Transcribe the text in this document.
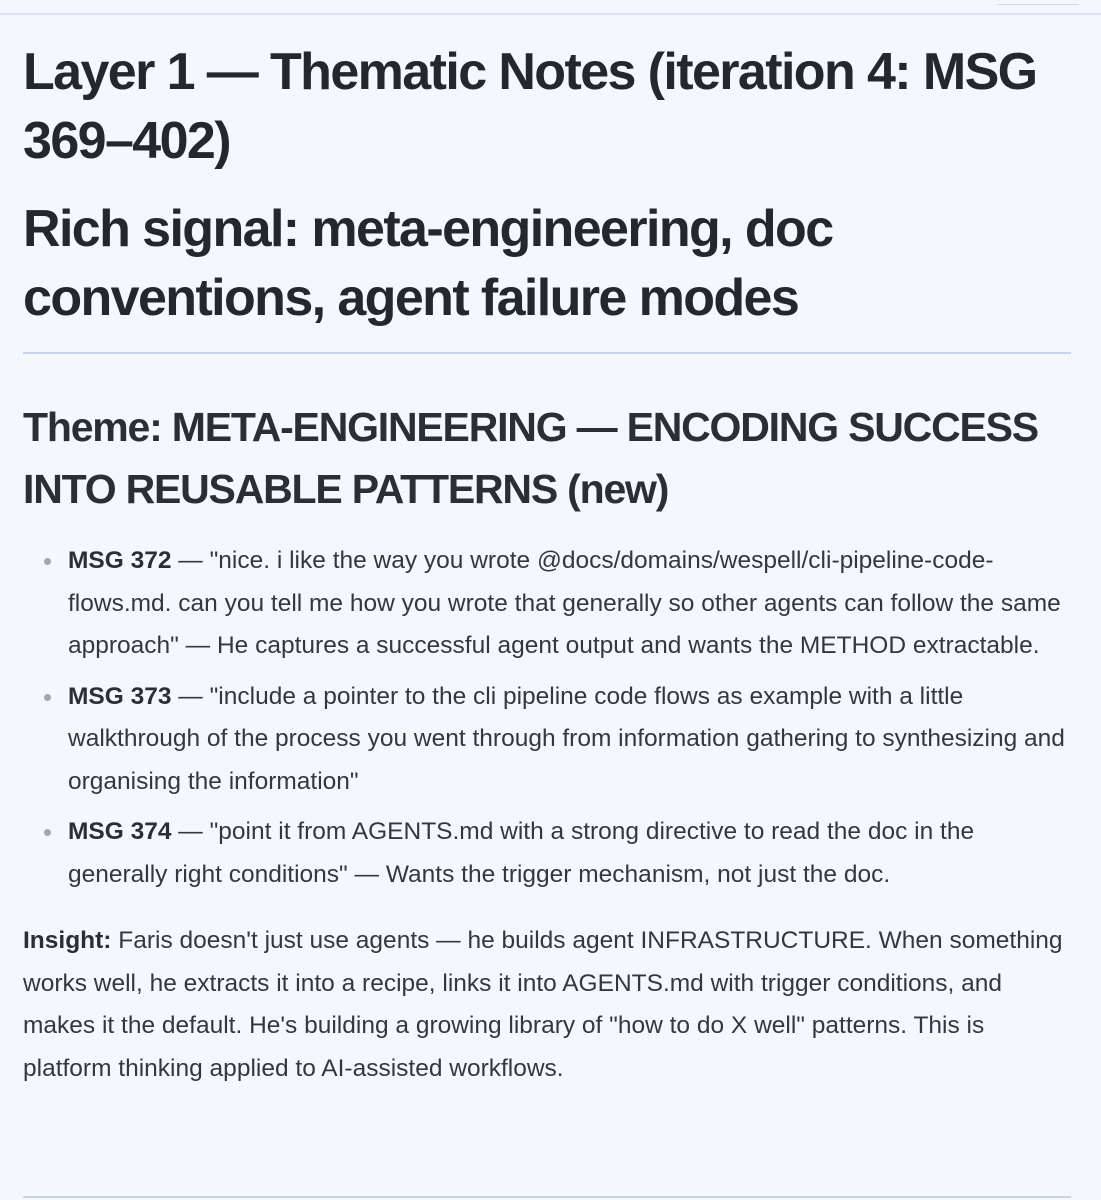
Layer 1 — Thematic Notes (iteration 4: MSG 369–402)
Rich signal: meta-engineering, doc conventions, agent failure modes
Theme: META-ENGINEERING — ENCODING SUCCESS INTO REUSABLE PATTERNS (new)
MSG 372 — "nice. i like the way you wrote @docs/domains/wespell/cli-pipeline-code-flows.md. can you tell me how you wrote that generally so other agents can follow the same approach" — He captures a successful agent output and wants the METHOD extractable.
MSG 373 — "include a pointer to the cli pipeline code flows as example with a little walkthrough of the process you went through from information gathering to synthesizing and organising the information"
MSG 374 — "point it from AGENTS.md with a strong directive to read the doc in the generally right conditions" — Wants the trigger mechanism, not just the doc.

Insight: Faris doesn't just use agents — he builds agent INFRASTRUCTURE. When something works well, he extracts it into a recipe, links it into AGENTS.md with trigger conditions, and makes it the default. He's building a growing library of "how to do X well" patterns. This is platform thinking applied to AI-assisted workflows.
